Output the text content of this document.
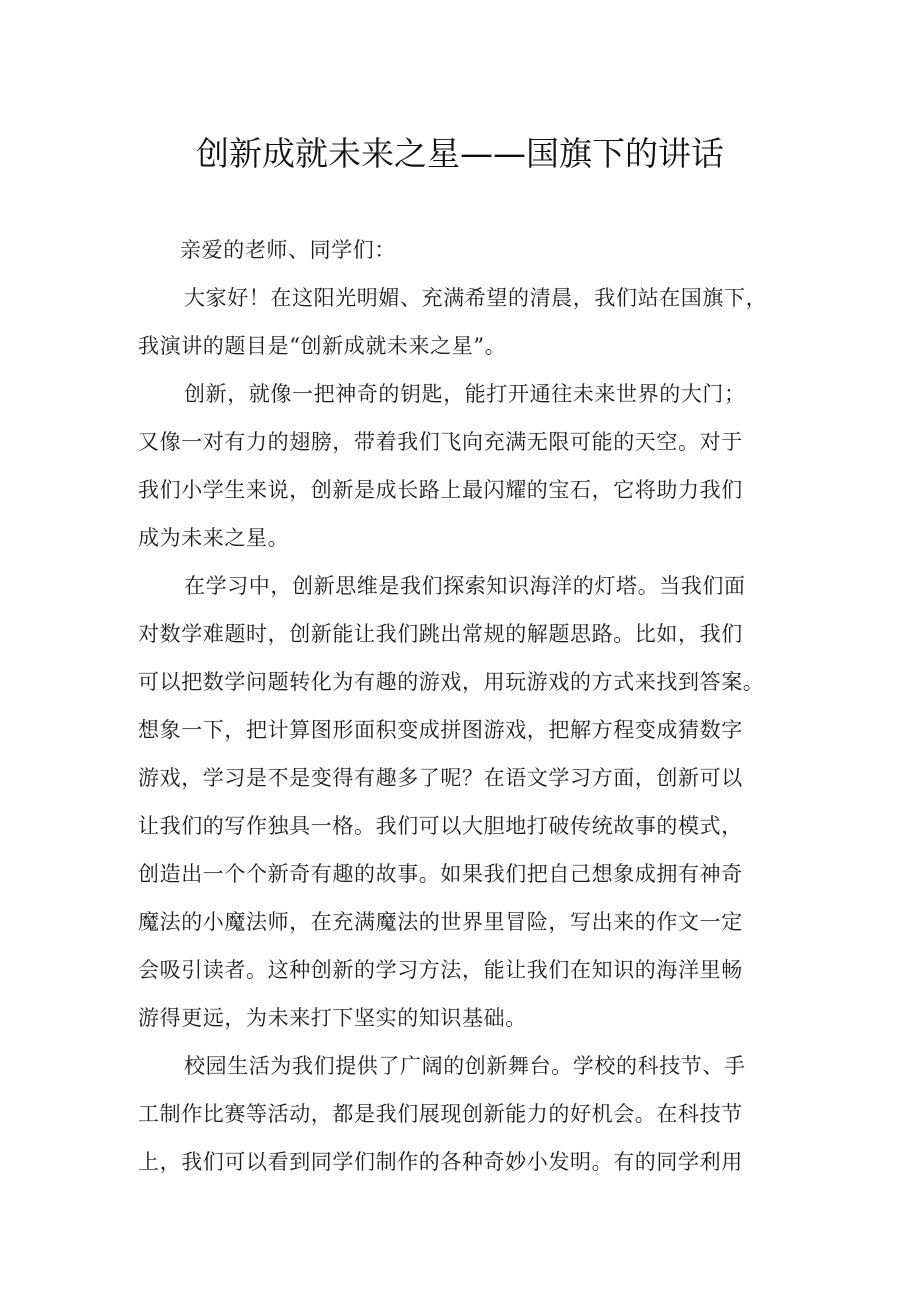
创新成就未来之星——国旗下的讲话
亲爱的老师、同学们：
大家好！在这阳光明媚、充满希望的清晨，我们站在国旗下，
我演讲的题目是“创新成就未来之星”。
创新，就像一把神奇的钥匙，能打开通往未来世界的大门；
又像一对有力的翅膀，带着我们飞向充满无限可能的天空。对于
我们小学生来说，创新是成长路上最闪耀的宝石，它将助力我们
成为未来之星。
在学习中，创新思维是我们探索知识海洋的灯塔。当我们面
对数学难题时，创新能让我们跳出常规的解题思路。比如，我们
可以把数学问题转化为有趣的游戏，用玩游戏的方式来找到答案。
想象一下，把计算图形面积变成拼图游戏，把解方程变成猜数字
游戏，学习是不是变得有趣多了呢？在语文学习方面，创新可以
让我们的写作独具一格。我们可以大胆地打破传统故事的模式，
创造出一个个新奇有趣的故事。如果我们把自己想象成拥有神奇
魔法的小魔法师，在充满魔法的世界里冒险，写出来的作文一定
会吸引读者。这种创新的学习方法，能让我们在知识的海洋里畅
游得更远，为未来打下坚实的知识基础。
校园生活为我们提供了广阔的创新舞台。学校的科技节、手
工制作比赛等活动，都是我们展现创新能力的好机会。在科技节
上，我们可以看到同学们制作的各种奇妙小发明。有的同学利用
